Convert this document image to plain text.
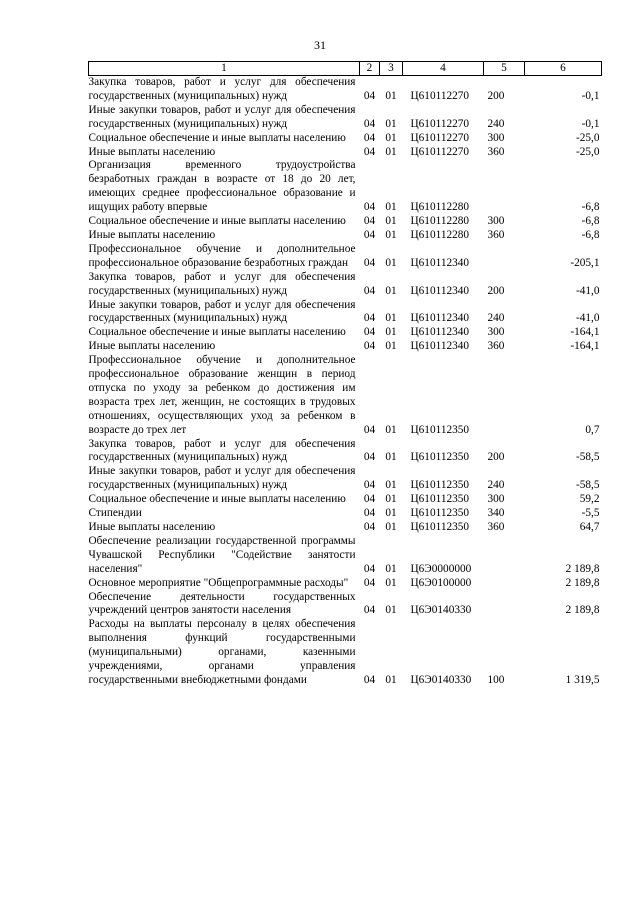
31
1	2	3	4	5	6

Закупка товаров, работ и услуг для обеспечения государственных (муниципальных) нужд	04	01	Ц610112270	200	-0,1

Иные закупки товаров, работ и услуг для обеспечения государственных (муниципальных) нужд	04	01	Ц610112270	240	-0,1

Социальное обеспечение и иные выплаты населению	04	01	Ц610112270	300	-25,0

Иные выплаты населению	04	01	Ц610112270	360	-25,0

Организация временного трудоустройства безработных граждан в возрасте от 18 до 20 лет, имеющих среднее профессиональное образование и ищущих работу впервые	04	01	Ц610112280		-6,8

Социальное обеспечение и иные выплаты населению	04	01	Ц610112280	300	-6,8

Иные выплаты населению	04	01	Ц610112280	360	-6,8

Профессиональное обучение и дополнительное профессиональное образование безработных граждан	04	01	Ц610112340		-205,1

Закупка товаров, работ и услуг для обеспечения государственных (муниципальных) нужд	04	01	Ц610112340	200	-41,0

Иные закупки товаров, работ и услуг для обеспечения государственных (муниципальных) нужд	04	01	Ц610112340	240	-41,0

Социальное обеспечение и иные выплаты населению	04	01	Ц610112340	300	-164,1

Иные выплаты населению	04	01	Ц610112340	360	-164,1

Профессиональное обучение и дополнительное профессиональное образование женщин в период отпуска по уходу за ребенком до достижения им возраста трех лет, женщин, не состоящих в трудовых отношениях, осуществляющих уход за ребенком в возрасте до трех лет	04	01	Ц610112350		0,7

Закупка товаров, работ и услуг для обеспечения государственных (муниципальных) нужд	04	01	Ц610112350	200	-58,5

Иные закупки товаров, работ и услуг для обеспечения государственных (муниципальных) нужд	04	01	Ц610112350	240	-58,5

Социальное обеспечение и иные выплаты населению	04	01	Ц610112350	300	59,2

Стипендии	04	01	Ц610112350	340	-5,5

Иные выплаты населению	04	01	Ц610112350	360	64,7

Обеспечение реализации государственной программы Чувашской Республики "Содействие занятости населения"	04	01	Ц6Э0000000		2 189,8

Основное мероприятие "Общепрограммные расходы"	04	01	Ц6Э0100000		2 189,8

Обеспечение деятельности государственных учреждений центров занятости населения	04	01	Ц6Э0140330		2 189,8

Расходы на выплаты персоналу в целях обеспечения выполнения функций государственными (муниципальными) органами, казенными учреждениями, органами управления государственными внебюджетными фондами	04	01	Ц6Э0140330	100	1 319,5
